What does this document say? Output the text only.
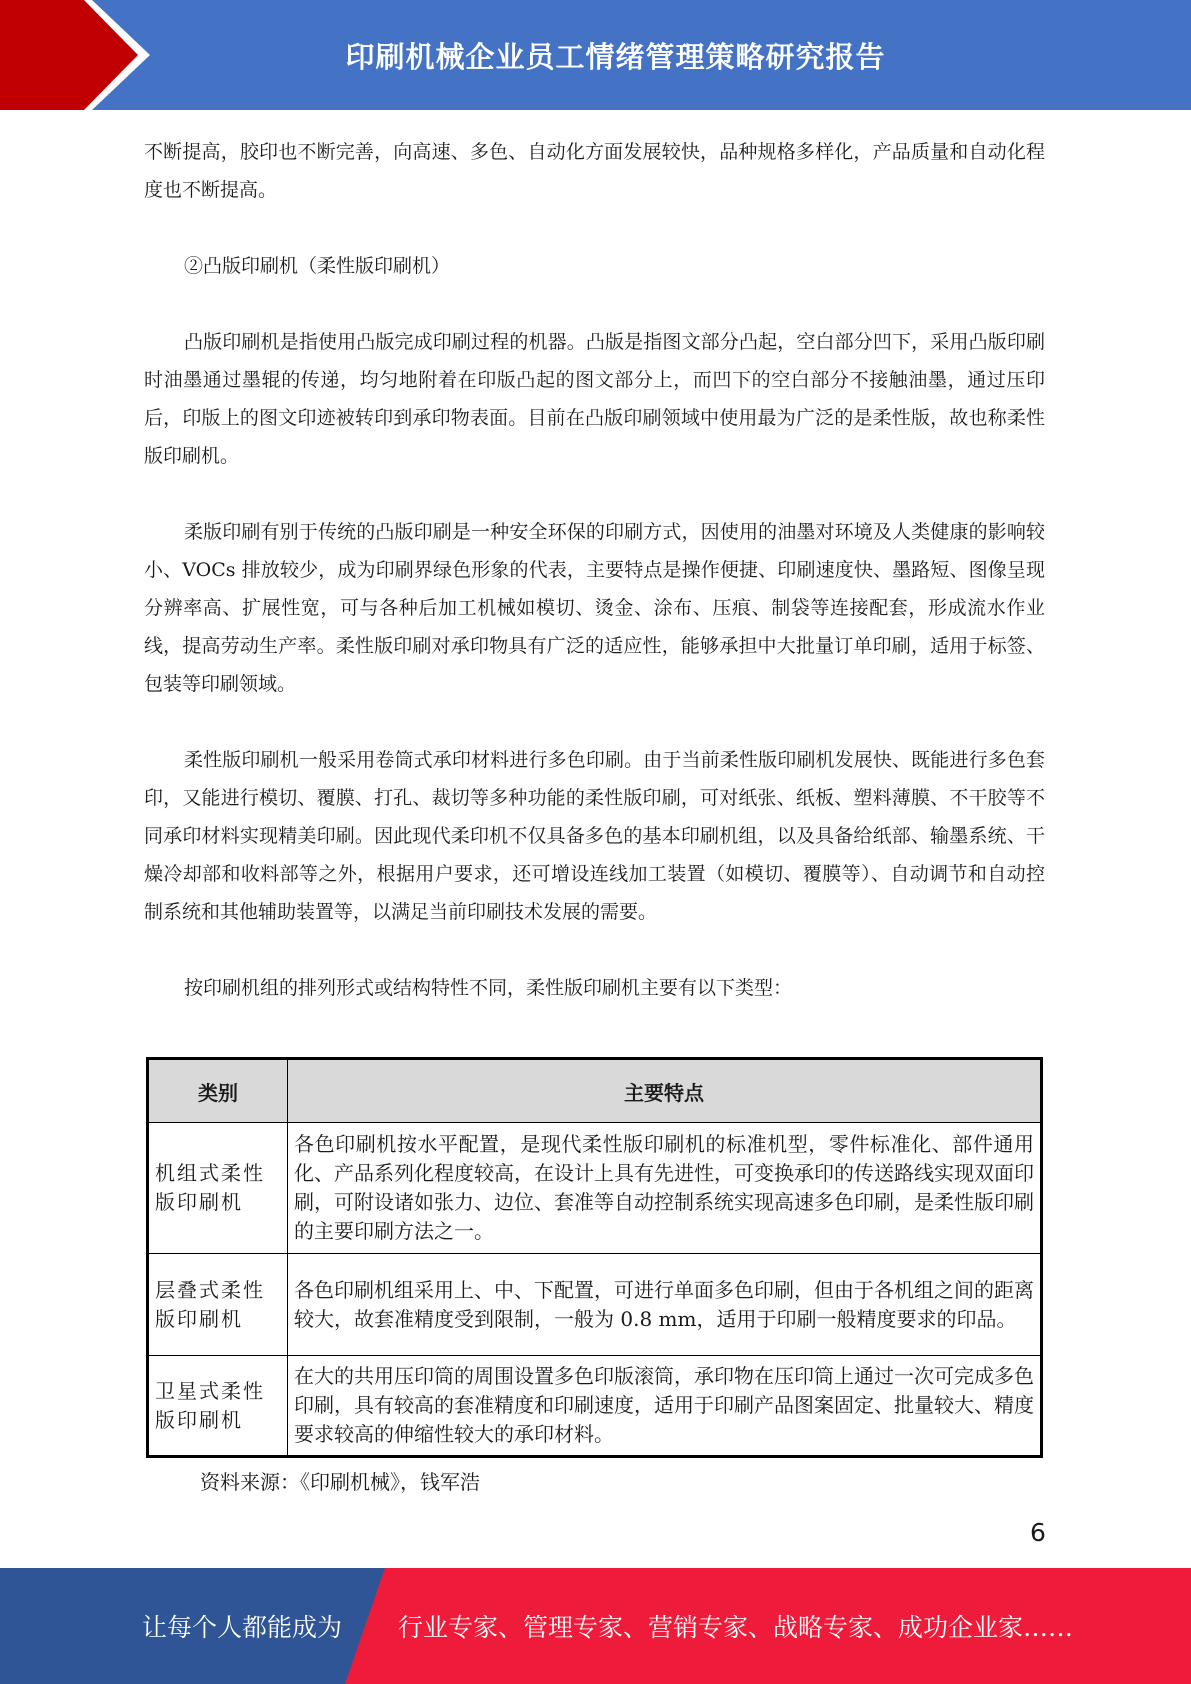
印刷机械企业员工情绪管理策略研究报告

不断提高，胶印也不断完善，向高速、多色、自动化方面发展较快，品种规格多样化，产品质量和自动化程度也不断提高。

②凸版印刷机（柔性版印刷机）

凸版印刷机是指使用凸版完成印刷过程的机器。凸版是指图文部分凸起，空白部分凹下，采用凸版印刷时油墨通过墨辊的传递，均匀地附着在印版凸起的图文部分上，而凹下的空白部分不接触油墨，通过压印后，印版上的图文印迹被转印到承印物表面。目前在凸版印刷领域中使用最为广泛的是柔性版，故也称柔性版印刷机。

柔版印刷有别于传统的凸版印刷是一种安全环保的印刷方式，因使用的油墨对环境及人类健康的影响较小、VOCs 排放较少，成为印刷界绿色形象的代表，主要特点是操作便捷、印刷速度快、墨路短、图像呈现分辨率高、扩展性宽，可与各种后加工机械如模切、烫金、涂布、压痕、制袋等连接配套，形成流水作业线，提高劳动生产率。柔性版印刷对承印物具有广泛的适应性，能够承担中大批量订单印刷，适用于标签、包装等印刷领域。

柔性版印刷机一般采用卷筒式承印材料进行多色印刷。由于当前柔性版印刷机发展快、既能进行多色套印，又能进行模切、覆膜、打孔、裁切等多种功能的柔性版印刷，可对纸张、纸板、塑料薄膜、不干胶等不同承印材料实现精美印刷。因此现代柔印机不仅具备多色的基本印刷机组，以及具备给纸部、输墨系统、干燥冷却部和收料部等之外，根据用户要求，还可增设连线加工装置（如模切、覆膜等）、自动调节和自动控制系统和其他辅助装置等，以满足当前印刷技术发展的需要。

按印刷机组的排列形式或结构特性不同，柔性版印刷机主要有以下类型：

类别	主要特点
机组式柔性版印刷机	各色印刷机按水平配置，是现代柔性版印刷机的标准机型，零件标准化、部件通用化、产品系列化程度较高，在设计上具有先进性，可变换承印的传送路线实现双面印刷，可附设诸如张力、边位、套准等自动控制系统实现高速多色印刷，是柔性版印刷的主要印刷方法之一。
层叠式柔性版印刷机	各色印刷机组采用上、中、下配置，可进行单面多色印刷，但由于各机组之间的距离较大，故套准精度受到限制，一般为 0.8 mm，适用于印刷一般精度要求的印品。
卫星式柔性版印刷机	在大的共用压印筒的周围设置多色印版滚筒，承印物在压印筒上通过一次可完成多色印刷，具有较高的套准精度和印刷速度，适用于印刷产品图案固定、批量较大、精度要求较高的伸缩性较大的承印材料。
资料来源：《印刷机械》，钱军浩
6
让每个人都能成为 行业专家、管理专家、营销专家、战略专家、成功企业家……
